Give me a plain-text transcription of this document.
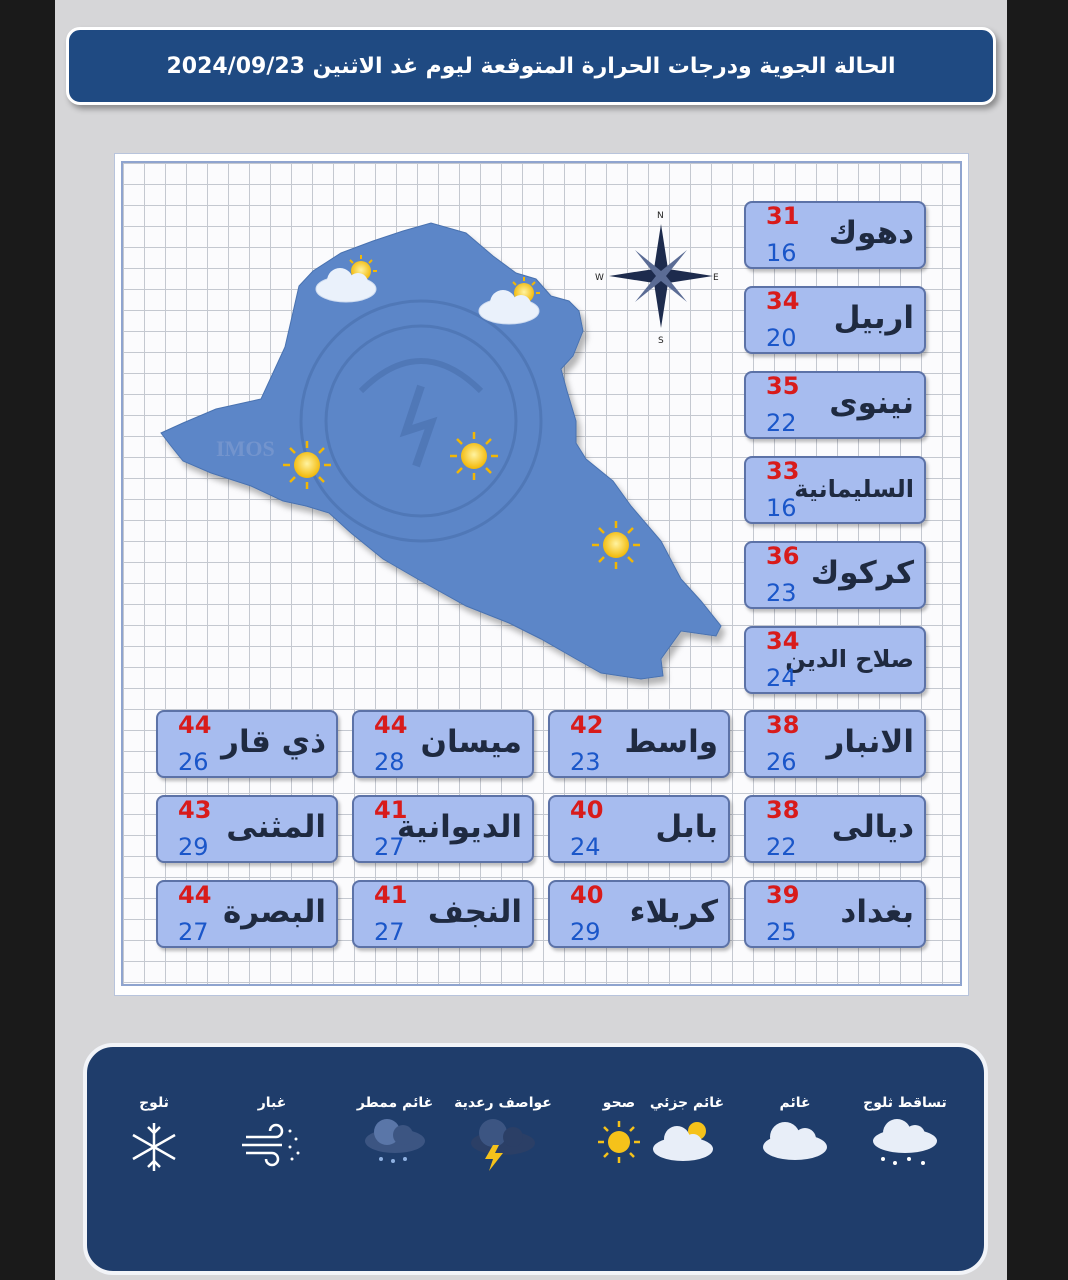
الحالة الجوية ودرجات الحرارة المتوقعة ليوم غد الاثنين 2024/09/23
IMOS
N
S
E
W
دهوك
31
16
اربيل
34
20
نينوى
35
22
السليمانية
33
16
كركوك
36
23
صلاح الدين
34
24
الانبار
38
26
واسط
42
23
ميسان
44
28
ذي قار
44
26
ديالى
38
22
بابل
40
24
الديوانية
41
27
المثنى
43
29
بغداد
39
25
كربلاء
40
29
النجف
41
27
البصرة
44
27
تساقط ثلوج
غائم
غائم جزئي
صحو
عواصف رعدية
غائم ممطر
غبار
ثلوج
